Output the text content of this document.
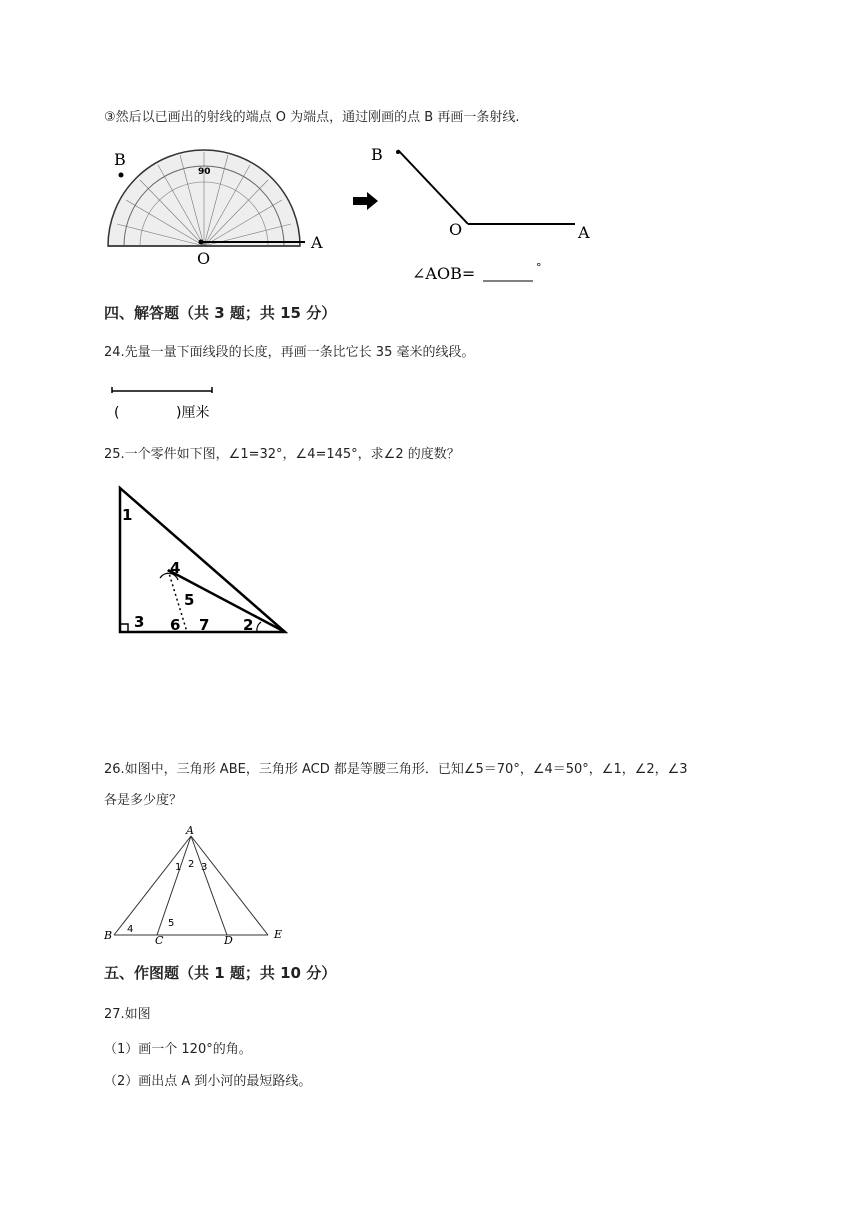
③然后以已画出的射线的端点 O 为端点，通过刚画的点 B 再画一条射线.
90
B
A
O
B
O	A
∠AOB=	°
四、解答题（共 3 题；共 15 分）
24.先量一量下面线段的长度，再画一条比它长 35 毫米的线段。
(	)厘米
25.一个零件如下图，∠1=32°，∠4=145°，求∠2 的度数？
1
4
5
3 6 7 2
26.如图中，三角形 ABE，三角形 ACD 都是等腰三角形．已知∠5＝70°，∠4＝50°，∠1，∠2，∠3
各是多少度？
A
B	C	D	E
1 2 3
4
5
五、作图题（共 1 题；共 10 分）
27.如图
（1）画一个 120°的角。
（2）画出点 A 到小河的最短路线。
